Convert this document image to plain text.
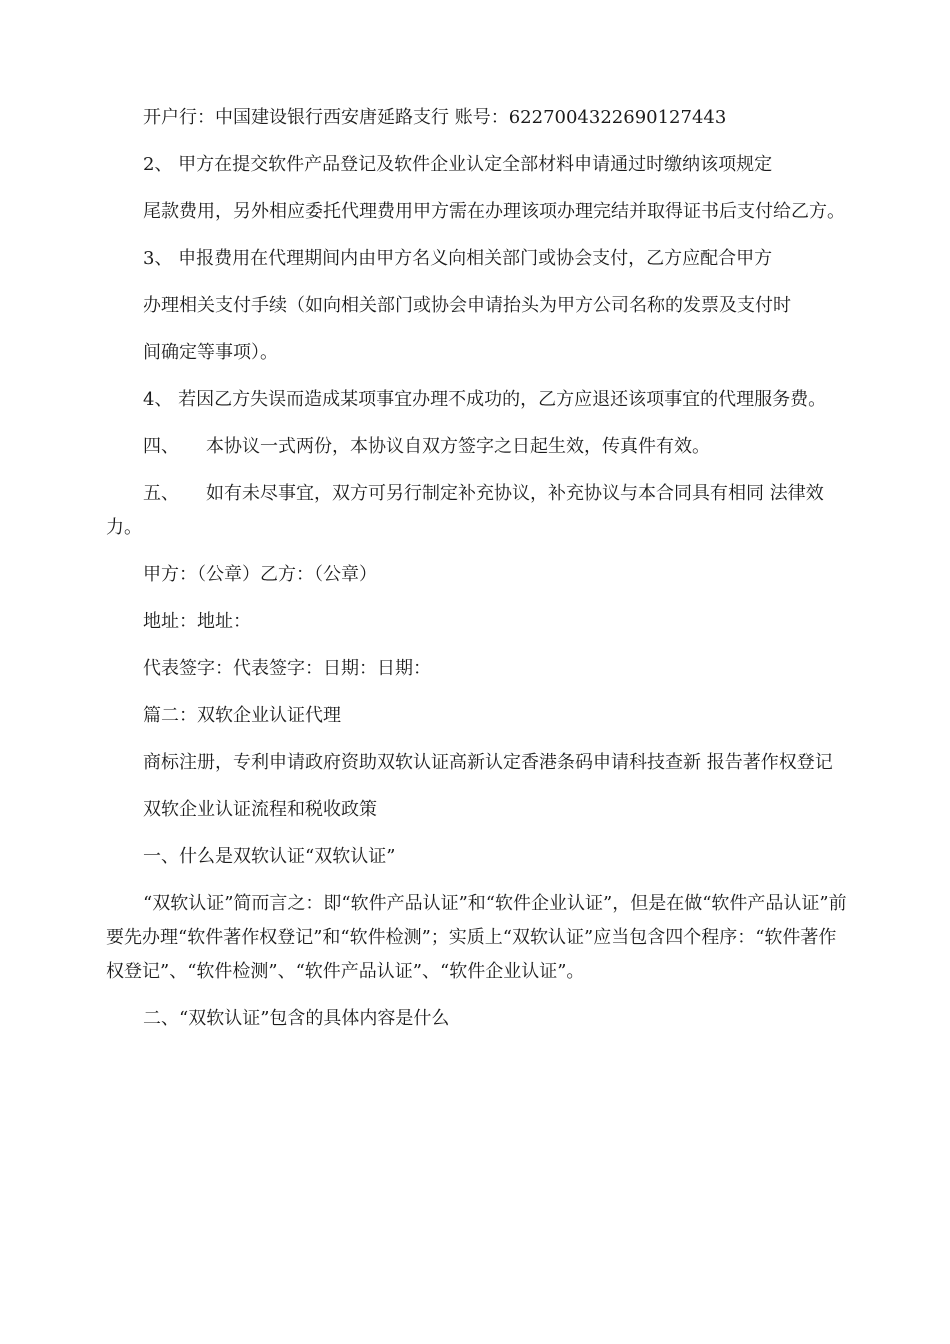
开户行：中国建设银行西安唐延路支行 账号：6227004322690127443

2、 甲方在提交软件产品登记及软件企业认定全部材料申请通过时缴纳该项规定

尾款费用，另外相应委托代理费用甲方需在办理该项办理完结并取得证书后支付给乙方。

3、 申报费用在代理期间内由甲方名义向相关部门或协会支付，乙方应配合甲方

办理相关支付手续（如向相关部门或协会申请抬头为甲方公司名称的发票及支付时

间确定等事项）。

4、 若因乙方失误而造成某项事宜办理不成功的，乙方应退还该项事宜的代理服务费。

四、　　本协议一式两份，本协议自双方签字之日起生效，传真件有效。

五、　　如有未尽事宜，双方可另行制定补充协议，补充协议与本合同具有相同 法律效力。

甲方：（公章）乙方：（公章）

地址：地址：

代表签字：代表签字：日期：日期：

篇二：双软企业认证代理

商标注册，专利申请政府资助双软认证高新认定香港条码申请科技查新 报告著作权登记

双软企业认证流程和税收政策

一、什么是双软认证“双软认证”

“双软认证”简而言之：即“软件产品认证”和“软件企业认证”，但是在做“软件产品认证”前要先办理“软件著作权登记”和“软件检测”；实质上“双软认证”应当包含四个程序：“软件著作权登记”、“软件检测”、“软件产品认证”、“软件企业认证”。

二、“双软认证”包含的具体内容是什么
